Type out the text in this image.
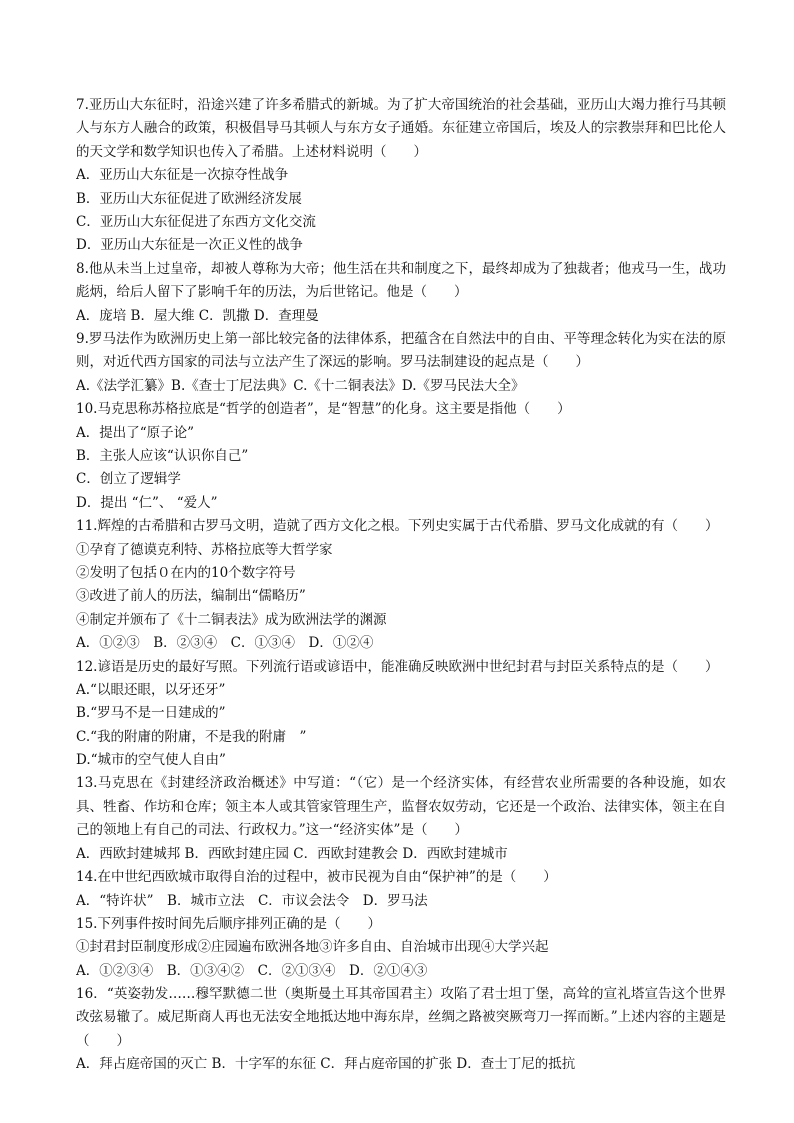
7.亚历山大东征时，沿途兴建了许多希腊式的新城。为了扩大帝国统治的社会基础，亚历山大竭力推行马其顿人与东方人融合的政策，积极倡导马其顿人与东方女子通婚。东征建立帝国后，埃及人的宗教崇拜和巴比伦人的天文学和数学知识也传入了希腊。上述材料说明（　　）
A．亚历山大东征是一次掠夺性战争
B．亚历山大东征促进了欧洲经济发展
C．亚历山大东征促进了东西方文化交流
D．亚历山大东征是一次正义性的战争
8.他从未当上过皇帝，却被人尊称为大帝；他生活在共和制度之下，最终却成为了独裁者；他戎马一生，战功彪炳，给后人留下了影响千年的历法，为后世铭记。他是（　　）
A．庞培 B．屋大维 C．凯撒 D．查理曼
9.罗马法作为欧洲历史上第一部比较完备的法律体系，把蕴含在自然法中的自由、平等理念转化为实在法的原则，对近代西方国家的司法与立法产生了深远的影响。罗马法制建设的起点是（　　）
A.《法学汇纂》B.《查士丁尼法典》C.《十二铜表法》D.《罗马民法大全》
10.马克思称苏格拉底是“哲学的创造者”，是“智慧”的化身。这主要是指他（　　）
A．提出了“原子论”
B．主张人应该“认识你自己”
C．创立了逻辑学
D．提出 “仁”、 “爱人”
11.辉煌的古希腊和古罗马文明，造就了西方文化之根。下列史实属于古代希腊、罗马文化成就的有（　　）
①孕育了德谟克利特、苏格拉底等大哲学家
②发明了包括０在内的10个数字符号
③改进了前人的历法，编制出“儒略历”
④制定并颁布了《十二铜表法》成为欧洲法学的渊源
A．①②③　B．②③④　C．①③④　D．①②④
12.谚语是历史的最好写照。下列流行语或谚语中，能准确反映欧洲中世纪封君与封臣关系特点的是（　　）
A.“以眼还眼，以牙还牙”
B.“罗马不是一日建成的”
C.“我的附庸的附庸，不是我的附庸　”
D.“城市的空气使人自由”
13.马克思在《封建经济政治概述》中写道：“（它）是一个经济实体，有经营农业所需要的各种设施，如农具、牲畜、作坊和仓库；领主本人或其管家管理生产，监督农奴劳动，它还是一个政治、法律实体，领主在自己的领地上有自己的司法、行政权力。”这一“经济实体”是（　　）
A．西欧封建城邦 B．西欧封建庄园 C．西欧封建教会 D．西欧封建城市
14.在中世纪西欧城市取得自治的过程中，被市民视为自由“保护神”的是（　　）
A．“特许状”　B．城市立法　C．市议会法令　D．罗马法
15.下列事件按时间先后顺序排列正确的是（　　）
①封君封臣制度形成②庄园遍布欧洲各地③许多自由、自治城市出现④大学兴起
A．①②③④　B．①③④②　C．②①③④　D．②①④③
16．“英姿勃发……穆罕默德二世（奥斯曼土耳其帝国君主）攻陷了君士坦丁堡，高耸的宣礼塔宣告这个世界改弦易辙了。威尼斯商人再也无法安全地抵达地中海东岸，丝绸之路被突厥弯刀一挥而断。”上述内容的主题是（　　）
A．拜占庭帝国的灭亡 B．十字军的东征 C．拜占庭帝国的扩张 D．查士丁尼的抵抗
